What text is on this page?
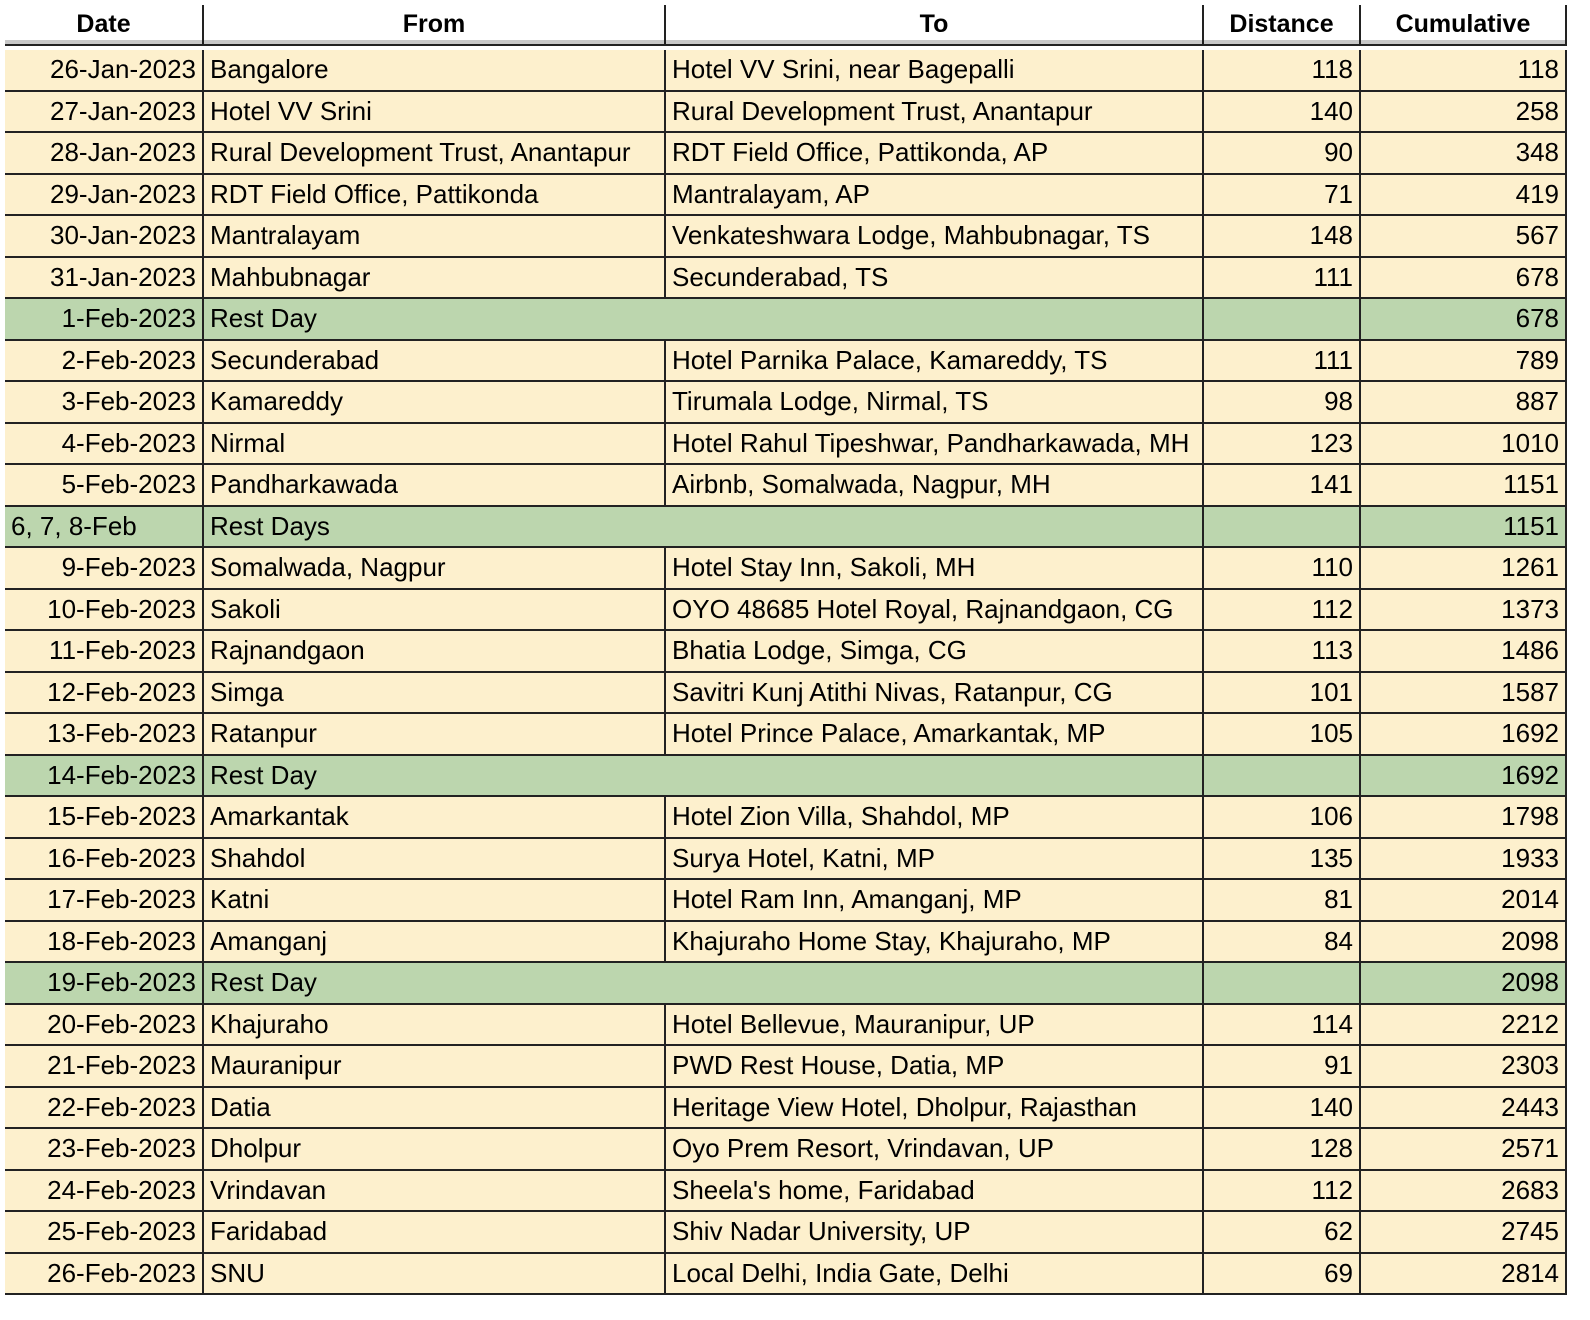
Date	From	To	Distance	Cumulative

26-Jan-2023	Bangalore	Hotel VV Srini, near Bagepalli	118	118
27-Jan-2023	Hotel VV Srini	Rural Development Trust, Anantapur	140	258
28-Jan-2023	Rural Development Trust, Anantapur	RDT Field Office, Pattikonda, AP	90	348
29-Jan-2023	RDT Field Office, Pattikonda	Mantralayam, AP	71	419
30-Jan-2023	Mantralayam	Venkateshwara Lodge, Mahbubnagar, TS	148	567
31-Jan-2023	Mahbubnagar	Secunderabad, TS	111	678
1-Feb-2023	Rest Day			678
2-Feb-2023	Secunderabad	Hotel Parnika Palace, Kamareddy, TS	111	789
3-Feb-2023	Kamareddy	Tirumala Lodge, Nirmal, TS	98	887
4-Feb-2023	Nirmal	Hotel Rahul Tipeshwar, Pandharkawada, MH	123	1010
5-Feb-2023	Pandharkawada	Airbnb, Somalwada, Nagpur, MH	141	1151
6, 7, 8-Feb	Rest Days			1151
9-Feb-2023	Somalwada, Nagpur	Hotel Stay Inn, Sakoli, MH	110	1261
10-Feb-2023	Sakoli	OYO 48685 Hotel Royal, Rajnandgaon, CG	112	1373
11-Feb-2023	Rajnandgaon	Bhatia Lodge, Simga, CG	113	1486
12-Feb-2023	Simga	Savitri Kunj Atithi Nivas, Ratanpur, CG	101	1587
13-Feb-2023	Ratanpur	Hotel Prince Palace, Amarkantak, MP	105	1692
14-Feb-2023	Rest Day			1692
15-Feb-2023	Amarkantak	Hotel Zion Villa, Shahdol, MP	106	1798
16-Feb-2023	Shahdol	Surya Hotel, Katni, MP	135	1933
17-Feb-2023	Katni	Hotel Ram Inn, Amanganj, MP	81	2014
18-Feb-2023	Amanganj	Khajuraho Home Stay, Khajuraho, MP	84	2098
19-Feb-2023	Rest Day			2098
20-Feb-2023	Khajuraho	Hotel Bellevue, Mauranipur, UP	114	2212
21-Feb-2023	Mauranipur	PWD Rest House, Datia, MP	91	2303
22-Feb-2023	Datia	Heritage View Hotel, Dholpur, Rajasthan	140	2443
23-Feb-2023	Dholpur	Oyo Prem Resort, Vrindavan, UP	128	2571
24-Feb-2023	Vrindavan	Sheela's home, Faridabad	112	2683
25-Feb-2023	Faridabad	Shiv Nadar University, UP	62	2745
26-Feb-2023	SNU	Local Delhi, India Gate, Delhi	69	2814
